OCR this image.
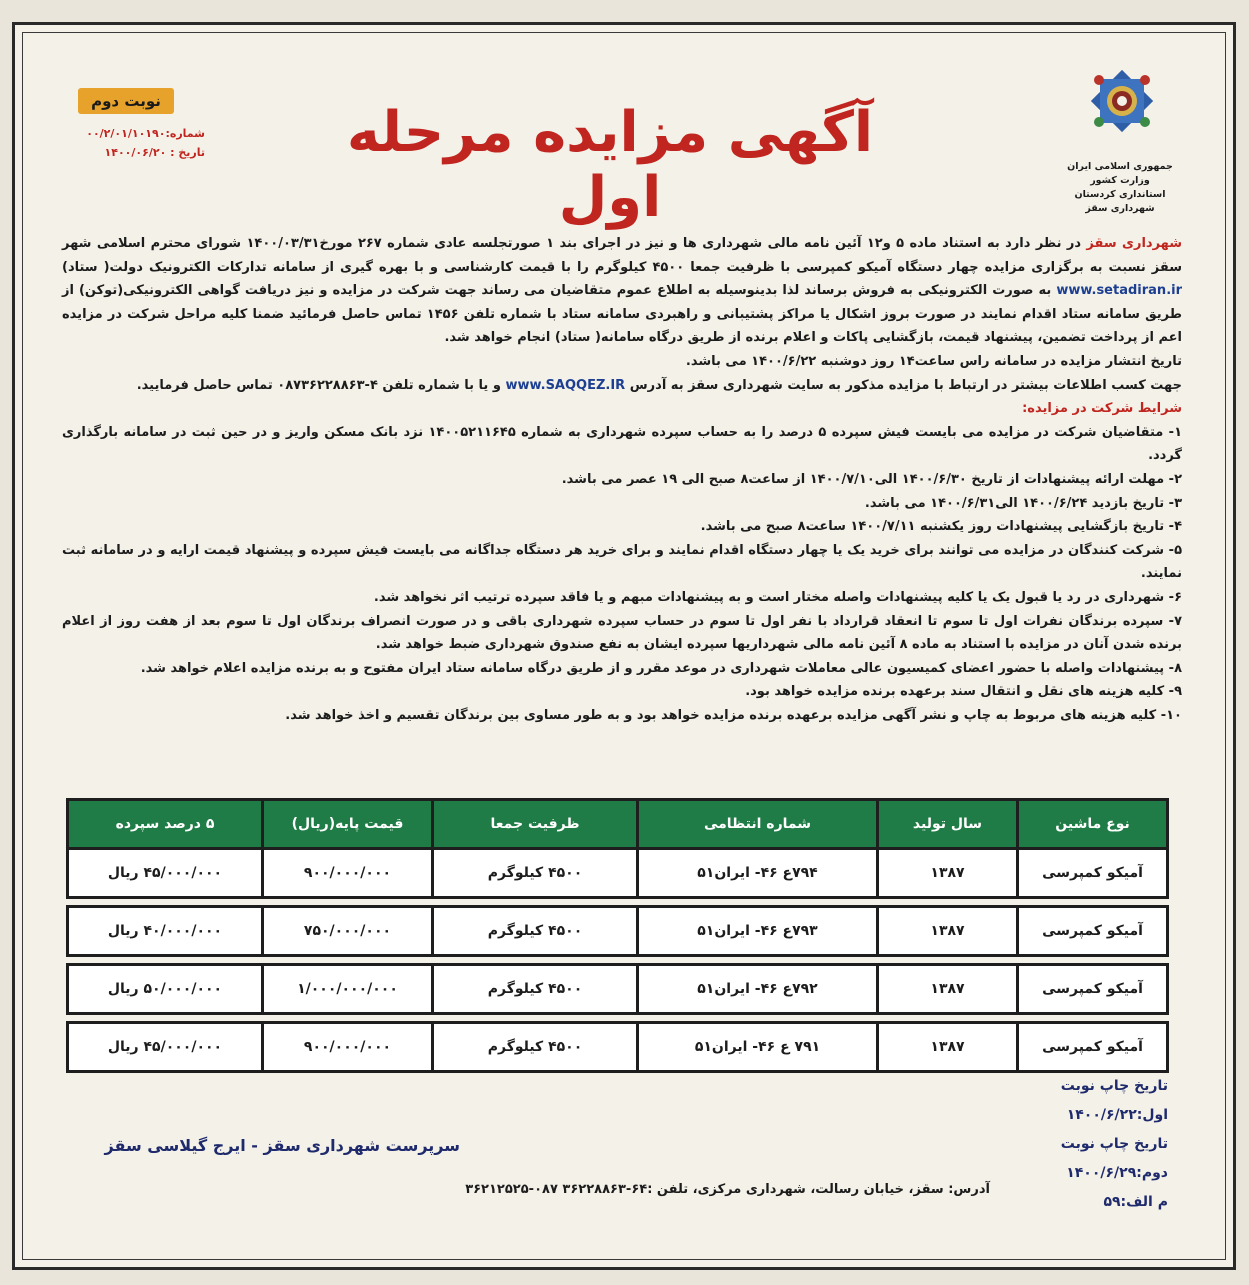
جمهوری اسلامی ایران
وزارت کشور
استانداری کردستان
شهرداری سقز
آگهی مزایده مرحله اول
نوبت دوم
شماره:۰۰/۲/۰۱/۱۰۱۹۰
تاریخ : ۱۴۰۰/۰۶/۲۰

شهرداری سقز در نظر دارد به استناد ماده ۵ و۱۲ آئین نامه مالی شهرداری ها و نیز در اجرای بند ۱ صورتجلسه عادی شماره ۲۶۷ مورخ۱۴۰۰/۰۳/۳۱ شورای محترم اسلامی شهر سقز نسبت به برگزاری مزایده چهار دستگاه آمیکو کمپرسی با ظرفیت جمعا ۴۵۰۰ کیلوگرم را با قیمت کارشناسی و با بهره گیری از سامانه تدارکات الکترونیک دولت( ستاد) www.setadiran.ir به صورت الکترونیکی به فروش برساند لذا بدینوسیله به اطلاع عموم متقاضیان می رساند جهت شرکت در مزایده و نیز دریافت گواهی الکترونیکی(توکن) از طریق سامانه ستاد اقدام نمایند در صورت بروز اشکال یا مراکز پشتیبانی و راهبردی سامانه ستاد با شماره تلفن ۱۴۵۶ تماس حاصل فرمائید ضمنا کلیه مراحل شرکت در مزایده اعم از پرداخت تضمین، پیشنهاد قیمت، بازگشایی پاکات و اعلام برنده از طریق درگاه سامانه( ستاد) انجام خواهد شد.

تاریخ انتشار مزایده در سامانه راس ساعت۱۴ روز دوشنبه ۱۴۰۰/۶/۲۲ می باشد.

جهت کسب اطلاعات بیشتر در ارتباط با مزایده مذکور به سایت شهرداری سقز به آدرس www.SAQQEZ.IR و یا با شماره تلفن ۴-۰۸۷۳۶۲۲۸۸۶۳ تماس حاصل فرمایید.

شرایط شرکت در مزایده:

۱- متقاضیان شرکت در مزایده می بایست فیش سپرده ۵ درصد را به حساب سپرده شهرداری به شماره ۱۴۰۰۵۲۱۱۶۴۵ نزد بانک مسکن واریز و در حین ثبت در سامانه بارگذاری گردد.

۲- مهلت ارائه پیشنهادات از تاریخ ۱۴۰۰/۶/۳۰ الی۱۴۰۰/۷/۱۰ از ساعت۸ صبح الی ۱۹ عصر می باشد.

۳- تاریخ بازدید ۱۴۰۰/۶/۲۴ الی۱۴۰۰/۶/۳۱ می باشد.

۴- تاریخ بازگشایی پیشنهادات روز یکشنبه ۱۴۰۰/۷/۱۱ ساعت۸ صبح می باشد.

۵- شرکت کنندگان در مزایده می توانند برای خرید یک یا چهار دستگاه اقدام نمایند و برای خرید هر دستگاه جداگانه می بایست فیش سپرده و پیشنهاد قیمت ارایه و در سامانه ثبت نمایند.

۶- شهرداری در رد یا قبول یک یا کلیه پیشنهادات واصله مختار است و به پیشنهادات مبهم و یا فاقد سپرده ترتیب اثر نخواهد شد.

۷- سپرده برندگان نفرات اول تا سوم تا انعقاد قرارداد با نفر اول تا سوم در حساب سپرده شهرداری باقی و در صورت انصراف برندگان اول تا سوم بعد از هفت روز از اعلام برنده شدن آنان در مزایده با استناد به ماده ۸ آئین نامه مالی شهرداریها سپرده ایشان به نفع صندوق شهرداری ضبط خواهد شد.

۸- پیشنهادات واصله با حضور اعضای کمیسیون عالی معاملات شهرداری در موعد مقرر و از طریق درگاه سامانه ستاد ایران مفتوح و به برنده مزایده اعلام خواهد شد.

۹- کلیه هزینه های نقل و انتقال سند برعهده برنده مزایده خواهد بود.

۱۰- کلیه هزینه های مربوط به چاپ و نشر آگهی مزایده برعهده برنده مزایده خواهد بود و به طور مساوی بین برندگان تقسیم و اخذ خواهد شد.

نوع ماشین	سال تولید	شماره انتظامی	ظرفیت جمعا	قیمت پایه(ریال)	۵ درصد سپرده
آمیکو کمپرسی	۱۳۸۷	۷۹۴ع ۴۶- ایران۵۱	۴۵۰۰ کیلوگرم	۹۰۰/۰۰۰/۰۰۰	۴۵/۰۰۰/۰۰۰ ریال

آمیکو کمپرسی	۱۳۸۷	۷۹۳ع ۴۶- ایران۵۱	۴۵۰۰ کیلوگرم	۷۵۰/۰۰۰/۰۰۰	۴۰/۰۰۰/۰۰۰ ریال

آمیکو کمپرسی	۱۳۸۷	۷۹۲ع ۴۶- ایران۵۱	۴۵۰۰ کیلوگرم	۱/۰۰۰/۰۰۰/۰۰۰	۵۰/۰۰۰/۰۰۰ ریال

آمیکو کمپرسی	۱۳۸۷	۷۹۱ ع ۴۶- ایران۵۱	۴۵۰۰ کیلوگرم	۹۰۰/۰۰۰/۰۰۰	۴۵/۰۰۰/۰۰۰ ریال
تاریخ چاپ نوبت اول:۱۴۰۰/۶/۲۲
تاریخ چاپ نوبت دوم:۱۴۰۰/۶/۲۹
م الف:۵۹
سرپرست شهرداری سقز - ایرج گیلاسی سقز
آدرس: سقز، خیابان رسالت، شهرداری مرکزی، تلفن :۶۴-۳۶۲۲۸۸۶۳ ۰۸۷-۳۶۲۱۲۵۲۵
